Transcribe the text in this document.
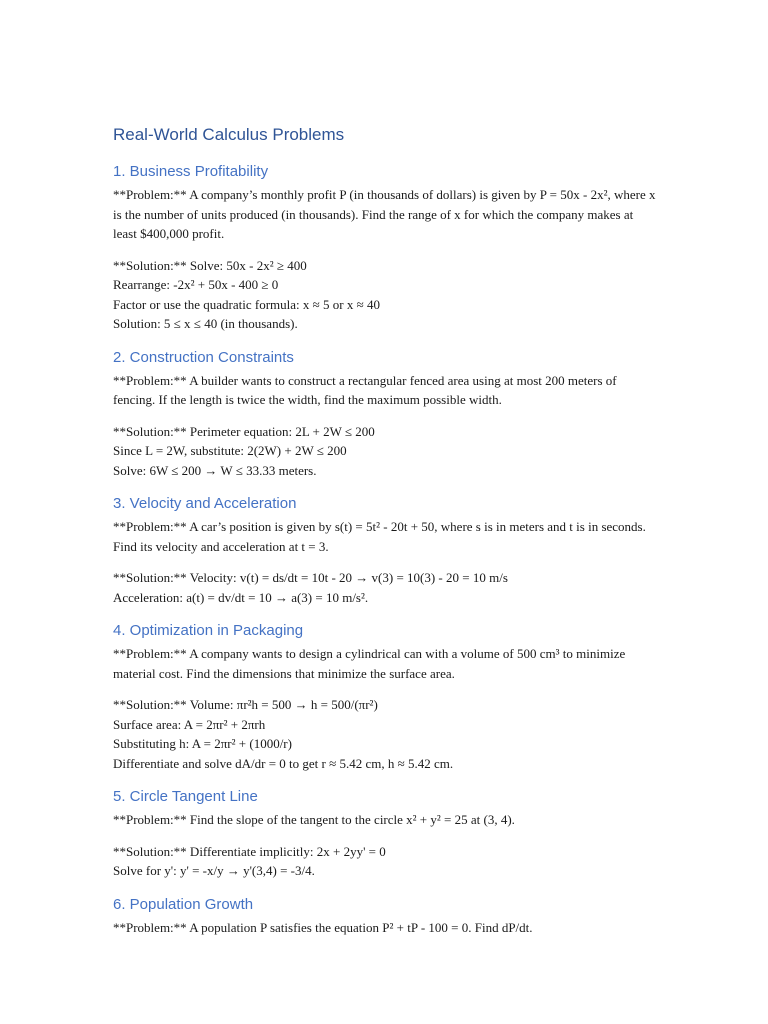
Real-World Calculus Problems
1. Business Profitability
**Problem:** A company’s monthly profit P (in thousands of dollars) is given by P = 50x - 2x², where x is the number of units produced (in thousands). Find the range of x for which the company makes at least $400,000 profit.
**Solution:** Solve: 50x - 2x² ≥ 400
Rearrange: -2x² + 50x - 400 ≥ 0
Factor or use the quadratic formula: x ≈ 5 or x ≈ 40
Solution: 5 ≤ x ≤ 40 (in thousands).
2. Construction Constraints
**Problem:** A builder wants to construct a rectangular fenced area using at most 200 meters of fencing. If the length is twice the width, find the maximum possible width.
**Solution:** Perimeter equation: 2L + 2W ≤ 200
Since L = 2W, substitute: 2(2W) + 2W ≤ 200
Solve: 6W ≤ 200 → W ≤ 33.33 meters.
3. Velocity and Acceleration
**Problem:** A car’s position is given by s(t) = 5t² - 20t + 50, where s is in meters and t is in seconds. Find its velocity and acceleration at t = 3.
**Solution:** Velocity: v(t) = ds/dt = 10t - 20 → v(3) = 10(3) - 20 = 10 m/s
Acceleration: a(t) = dv/dt = 10 → a(3) = 10 m/s².
4. Optimization in Packaging
**Problem:** A company wants to design a cylindrical can with a volume of 500 cm³ to minimize material cost. Find the dimensions that minimize the surface area.
**Solution:** Volume: πr²h = 500 → h = 500/(πr²)
Surface area: A = 2πr² + 2πrh
Substituting h: A = 2πr² + (1000/r)
Differentiate and solve dA/dr = 0 to get r ≈ 5.42 cm, h ≈ 5.42 cm.
5. Circle Tangent Line
**Problem:** Find the slope of the tangent to the circle x² + y² = 25 at (3, 4).
**Solution:** Differentiate implicitly: 2x + 2yy' = 0
Solve for y': y' = -x/y → y'(3,4) = -3/4.
6. Population Growth
**Problem:** A population P satisfies the equation P² + tP - 100 = 0. Find dP/dt.
